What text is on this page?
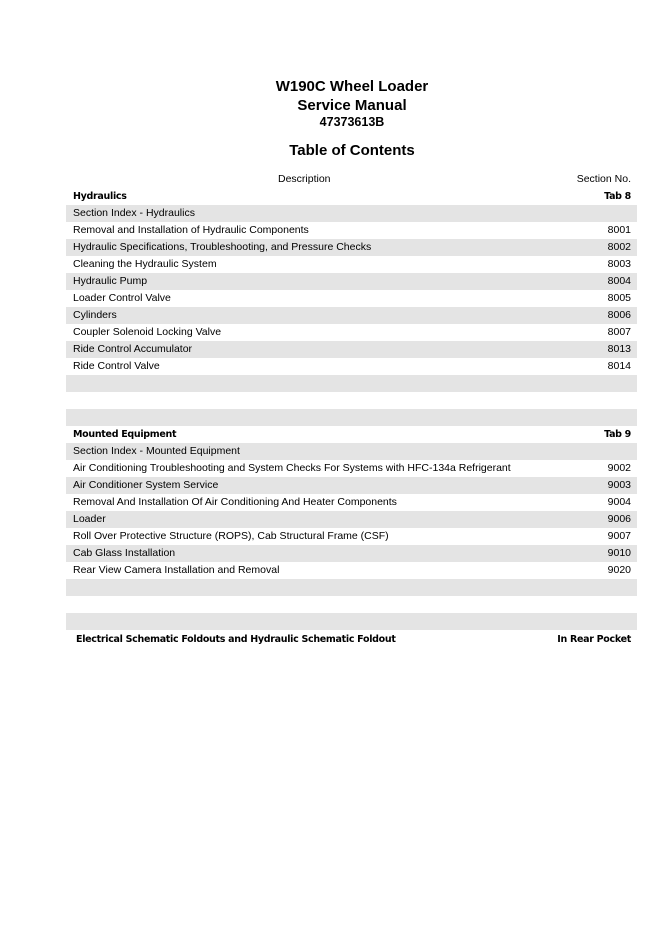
W190C Wheel Loader
Service Manual
47373613B
Table of Contents
Description	Section No.
Hydraulics	Tab 8
Section Index - Hydraulics
Removal and Installation of Hydraulic Components	8001
Hydraulic Specifications, Troubleshooting, and Pressure Checks	8002
Cleaning the Hydraulic System	8003
Hydraulic Pump	8004
Loader Control Valve	8005
Cylinders	8006
Coupler Solenoid Locking Valve	8007
Ride Control Accumulator	8013
Ride Control Valve	8014
Mounted Equipment	Tab 9
Section Index - Mounted Equipment
Air Conditioning Troubleshooting and System Checks For Systems with HFC-134a Refrigerant	9002
Air Conditioner System Service	9003
Removal And Installation Of Air Conditioning And Heater Components	9004
Loader	9006
Roll Over Protective Structure (ROPS), Cab Structural Frame (CSF)	9007
Cab Glass Installation	9010
Rear View Camera Installation and Removal	9020
Electrical Schematic Foldouts and Hydraulic Schematic Foldout	In Rear Pocket
